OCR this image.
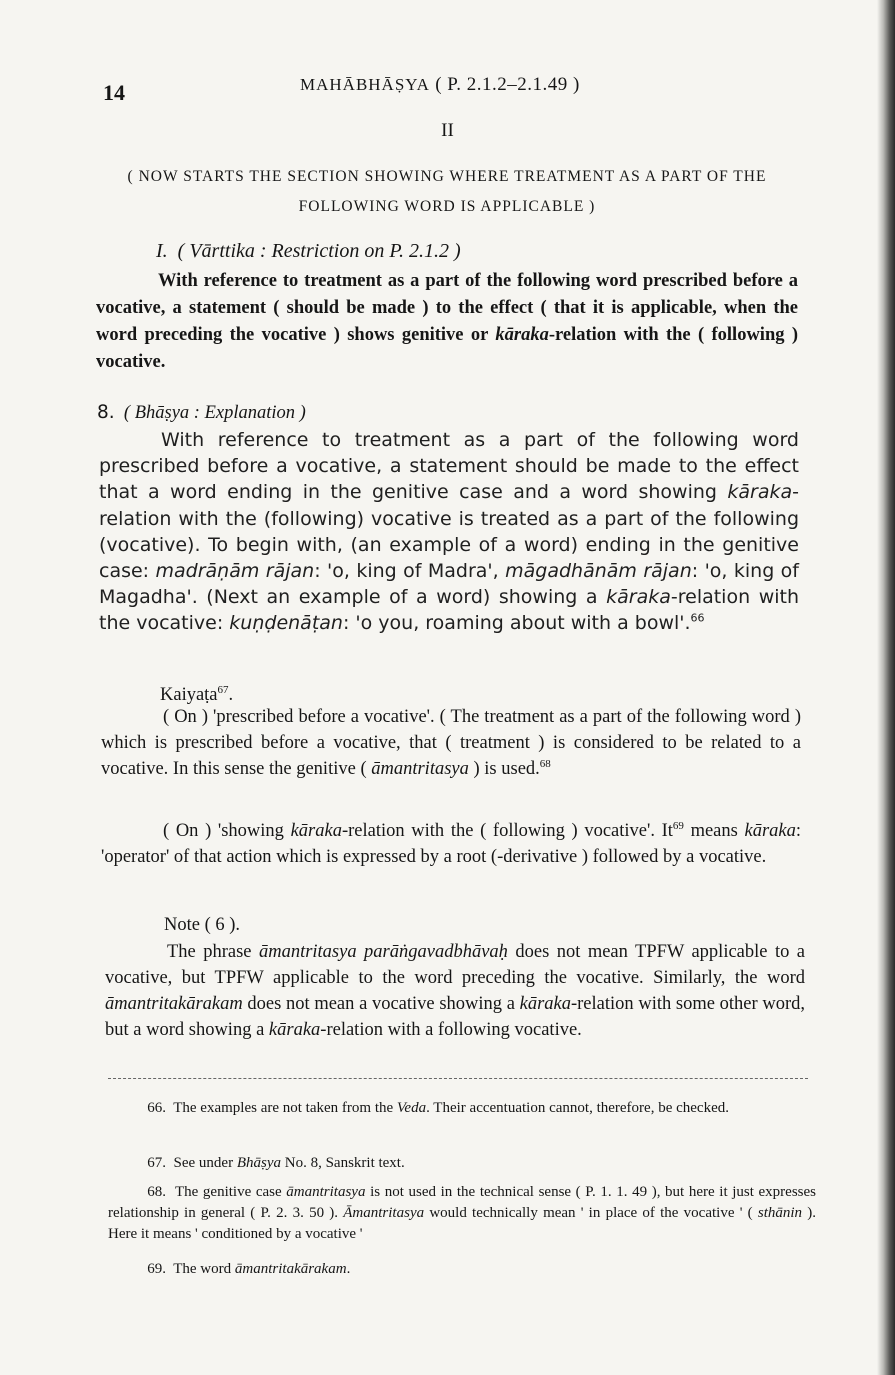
14	MAHĀBHĀṢYA ( P. 2.1.2–2.1.49 )
II
( NOW STARTS THE SECTION SHOWING WHERE TREATMENT AS A PART OF THE
FOLLOWING WORD IS APPLICABLE )
I.  ( Vārttika : Restriction on P. 2.1.2 )
With reference to treatment as a part of the following word prescribed before a vocative, a statement ( should be made ) to the effect ( that it is applicable, when the word preceding the vocative ) shows genitive or kāraka-relation with the ( following ) vocative.
8.  ( Bhāṣya : Explanation )
With reference to treatment as a part of the following word prescribed before a vocative, a statement should be made to the effect that a word ending in the genitive case and a word showing kāraka-relation with the (following) vocative is treated as a part of the following (vocative). To begin with, (an example of a word) ending in the genitive case: madrāṇām rājan: 'o, king of Madra', māgadhānām rājan: 'o, king of Magadha'. (Next an example of a word) showing a kāraka-relation with the vocative: kuṇḍenāṭan: 'o you, roaming about with a bowl'.$^{66}$
Kaiyaṭa$^{67}$.
( On ) 'prescribed before a vocative'. ( The treatment as a part of the following word ) which is prescribed before a vocative, that ( treatment ) is considered to be related to a vocative. In this sense the genitive ( āmantritasya ) is used.$^{68}$
( On ) 'showing kāraka-relation with the ( following ) vocative'. It$^{69}$ means kāraka: 'operator' of that action which is expressed by a root (-derivative ) followed by a vocative.
Note ( 6 ).
The phrase āmantritasya parāṅgavadbhāvaḥ does not mean TPFW applicable to a vocative, but TPFW applicable to the word preceding the vocative. Similarly, the word āmantritakārakam does not mean a vocative showing a kāraka-relation with some other word, but a word showing a kāraka-relation with a following vocative.
66. The examples are not taken from the Veda. Their accentuation cannot, therefore, be checked.
67. See under Bhāṣya No. 8, Sanskrit text.
68. The genitive case āmantritasya is not used in the technical sense ( P. 1. 1. 49 ), but here it just expresses relationship in general ( P. 2. 3. 50 ). Āmantritasya would technically mean ' in place of the vocative ' ( sthānin ). Here it means ' conditioned by a vocative '
69. The word āmantritakārakam.
